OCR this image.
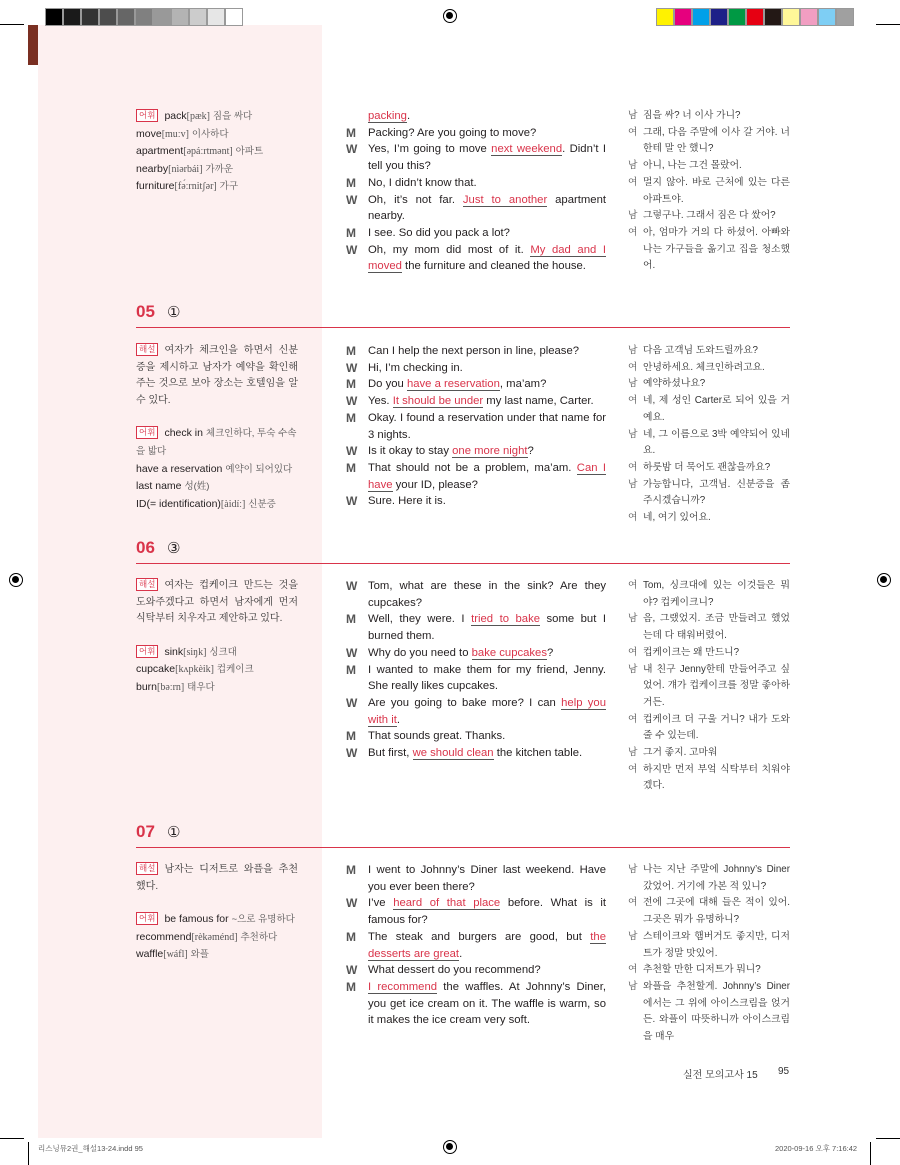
어휘 pack[pæk] 짐을 싸다
move[muːv] 이사하다
apartment[əpáːrtmənt] 아파트
nearby[nìərbái] 가까운
furniture[fə́ːrnitʃər] 가구
packing.
M	Packing? Are you going to move?
W Yes, I’m going to move next weekend. Didn’t I tell you this?
M	No, I didn’t know that.
W Oh, it’s not far. Just to another apartment nearby.
M	I see. So did you pack a lot?
W Oh, my mom did most of it. My dad and I moved the furniture and cleaned the house.
남 짐을 싸? 너 이사 가니?
여 그래, 다음 주말에 이사 갈 거야. 너한테 말 안 했니?
남 아니, 나는 그건 몰랐어.
여 멀지 않아. 바로 근처에 있는 다른 아파트야.
남 그렇구나. 그래서 짐은 다 쌌어?
여 아, 엄마가 거의 다 하셨어. 아빠와 나는 가구들을 옮기고 집을 청소했어.
05 ①
해설 여자가 체크인을 하면서 신분증을 제시하고 남자가 예약을 확인해주는 것으로 보아 장소는 호텔임을 알 수 있다.
어휘 check in 체크인하다, 투숙 수속을 밟다
have a reservation 예약이 되어있다
last name 성(姓)
ID(= identification)[àidíː] 신분증
M	Can I help the next person in line, please?
W Hi, I’m checking in.
M	Do you have a reservation, ma’am?
W Yes. It should be under my last name, Carter.
M	Okay. I found a reservation under that name for 3 nights.
W Is it okay to stay one more night?
M	That should not be a problem, ma’am. Can I have your ID, please?
W Sure. Here it is.
남 다음 고객님 도와드릴까요?
여 안녕하세요. 체크인하려고요.
남 예약하셨나요?
여 네, 제 성인 Carter로 되어 있을 거예요.
남 네, 그 이름으로 3박 예약되어 있네요.
여 하룻밤 더 묵어도 괜찮을까요?
남 가능합니다, 고객님. 신분증을 좀 주시겠습니까?
여 네, 여기 있어요.
06 ③
해설 여자는 컵케이크 만드는 것을 도와주겠다고 하면서 남자에게 먼저 식탁부터 치우자고 제안하고 있다.
어휘 sink[siŋk] 싱크대
cupcake[kʌpkèik] 컵케이크
burn[bəːrn] 태우다
W Tom, what are these in the sink? Are they cupcakes?
M	Well, they were. I tried to bake some but I burned them.
W Why do you need to bake cupcakes?
M	I wanted to make them for my friend, Jenny. She really likes cupcakes.
W Are you going to bake more? I can help you with it.
M	That sounds great. Thanks.
W But first, we should clean the kitchen table.
여 Tom, 싱크대에 있는 이것들은 뭐야? 컵케이크니?
남 음, 그랬었지. 조금 만들려고 했었는데 다 태워버렸어.
여 컵케이크는 왜 만드니?
남 내 친구 Jenny한테 만들어주고 싶었어. 걔가 컵케이크를 정말 좋아하거든.
여 컵케이크 더 구울 거니? 내가 도와줄 수 있는데.
남 그거 좋지. 고마워
여 하지만 먼저 부엌 식탁부터 치워야겠다.
07 ①
해설 남자는 디저트로 와플을 추천했다.
어휘 be famous for ~으로 유명하다
recommend[rèkəménd] 추천하다
waffle[wáfl] 와플
M	I went to Johnny’s Diner last weekend. Have you ever been there?
W I’ve heard of that place before. What is it famous for?
M	The steak and burgers are good, but the desserts are great.
W What dessert do you recommend?
M	I recommend the waffles. At Johnny’s Diner, you get ice cream on it. The waffle is warm, so it makes the ice cream very soft.
남 나는 지난 주말에 Johnny’s Diner 갔었어. 거기에 가본 적 있니?
여 전에 그곳에 대해 들은 적이 있어. 그곳은 뭐가 유명하니?
남 스테이크와 햄버거도 좋지만, 디저트가 정말 맛있어.
여 추천할 만한 디저트가 뭐니?
남 와플을 추천할게. Johnny’s Diner에서는 그 위에 아이스크림을 얹거든. 와플이 따뜻하니까 아이스크림을 매우
실전 모의고사 15 95
리스닝뮤2권_해설13-24.indd 95	2020-09-16 오후 7:16:42
